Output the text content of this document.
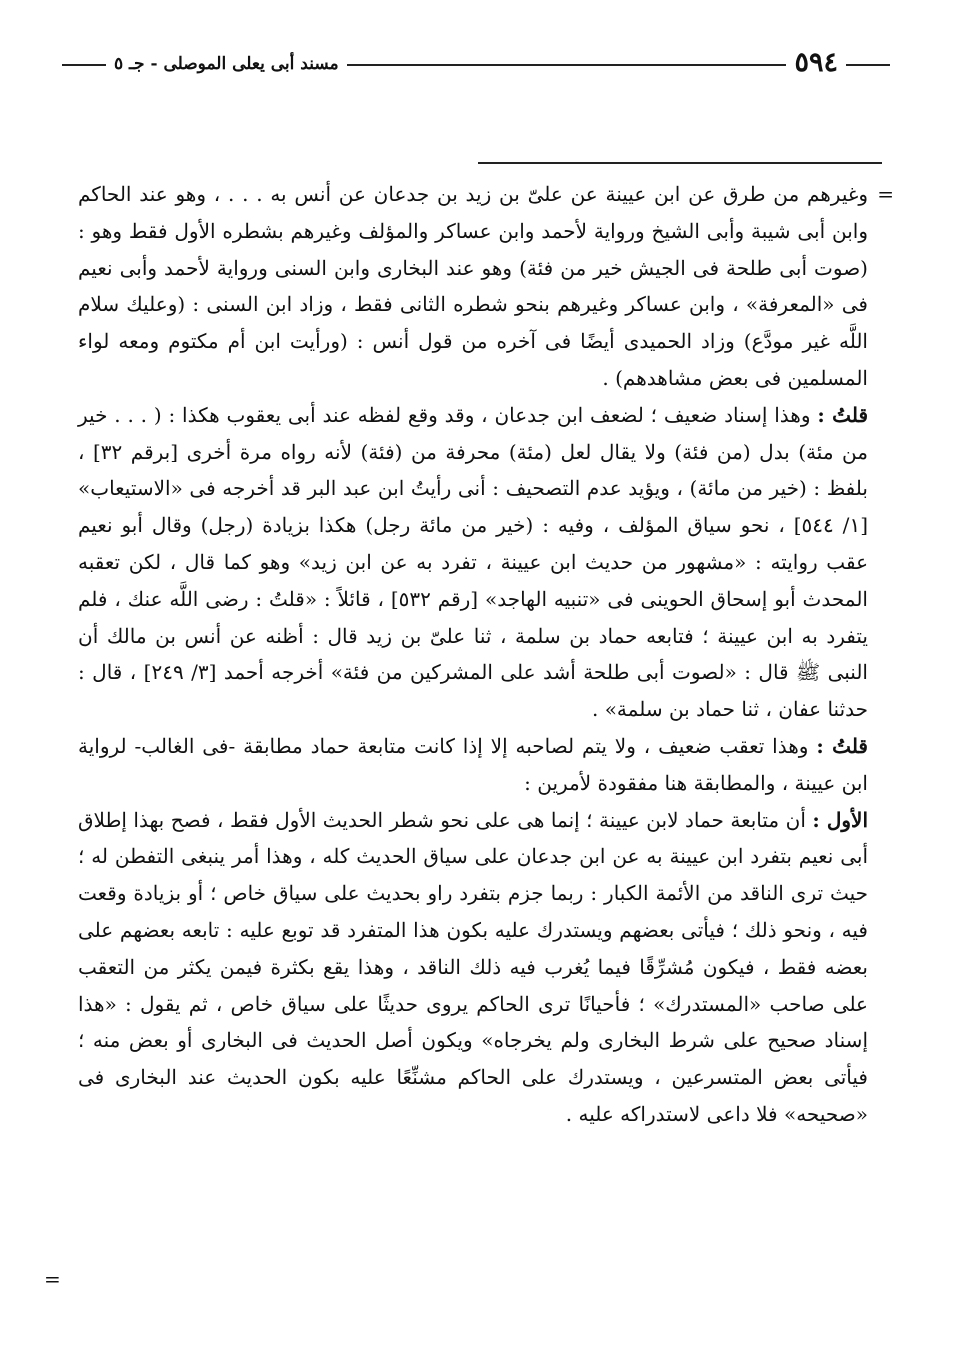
٥٩٤
مسند أبى يعلى الموصلى - جـ ٥
=

وغيرهم من طرق عن ابن عيينة عن علىّ بن زيد بن جدعان عن أنس به . . . ، وهو عند الحاكم وابن أبى شيبة وأبى الشيخ ورواية لأحمد وابن عساكر والمؤلف وغيرهم بشطره الأول فقط وهو : (صوت أبى طلحة فى الجيش خير من فئة) وهو عند البخارى وابن السنى ورواية لأحمد وأبى نعيم فى «المعرفة» ، وابن عساكر وغيرهم بنحو شطره الثانى فقط ، وزاد ابن السنى : (وعليك سلام اللَّه غير مودَّع) وزاد الحميدى أيضًا فى آخره من قول أنس : (ورأيت ابن أم مكتوم ومعه لواء المسلمين فى بعض مشاهدهم) .

قلتُ : وهذا إسناد ضعيف ؛ لضعف ابن جدعان ، وقد وقع لفظه عند أبى يعقوب هكذا : ( . . . خير من مئة) بدل (من فئة) ولا يقال لعل (مئة) محرفة من (فئة) لأنه رواه مرة أخرى [برقم ٣٢] ، بلفظ : (خير من مائة) ، ويؤيد عدم التصحيف : أنى رأيتُ ابن عبد البر قد أخرجه فى «الاستيعاب» [١/ ٥٤٤] ، نحو سياق المؤلف ، وفيه : (خير من مائة رجل) هكذا بزيادة (رجل) وقال أبو نعيم عقب روايته : «مشهور من حديث ابن عيينة ، تفرد به عن ابن زيد» وهو كما قال ، لكن تعقبه المحدث أبو إسحاق الحوينى فى «تنبيه الهاجد» [رقم ٥٣٢] ، قائلاً : «قلتُ : رضى اللَّه عنك ، فلم يتفرد به ابن عيينة ؛ فتابعه حماد بن سلمة ، ثنا علىّ بن زيد قال : أظنه عن أنس بن مالك أن النبى ﷺ قال : «لصوت أبى طلحة أشد على المشركين من فئة» أخرجه أحمد [٣/ ٢٤٩] ، قال : حدثنا عفان ، ثنا حماد بن سلمة» .

قلتُ : وهذا تعقب ضعيف ، ولا يتم لصاحبه إلا إذا كانت متابعة حماد مطابقة -فى الغالب- لرواية ابن عيينة ، والمطابقة هنا مفقودة لأمرين :

الأول : أن متابعة حماد لابن عيينة ؛ إنما هى على نحو شطر الحديث الأول فقط ، فصح بهذا إطلاق أبى نعيم بتفرد ابن عيينة به عن ابن جدعان على سياق الحديث كله ، وهذا أمر ينبغى التفطن له ؛ حيث ترى الناقد من الأئمة الكبار : ربما جزم بتفرد راو بحديث على سياق خاص ؛ أو بزيادة وقعت فيه ، ونحو ذلك ؛ فيأتى بعضهم ويستدرك عليه بكون هذا المتفرد قد توبع عليه : تابعه بعضهم على بعضه فقط ، فيكون مُشرِّقًا فيما يُغرب فيه ذلك الناقد ، وهذا يقع بكثرة فيمن يكثر من التعقب على صاحب «المستدرك» ؛ فأحيانًا ترى الحاكم يروى حديثًا على سياق خاص ، ثم يقول : «هذا إسناد صحيح على شرط البخارى ولم يخرجاه» ويكون أصل الحديث فى البخارى أو بعض منه ؛ فيأتى بعض المتسرعين ، ويستدرك على الحاكم مشنِّعًا عليه بكون الحديث عند البخارى فى «صحيحه» فلا داعى لاستدراكه عليه .

=
